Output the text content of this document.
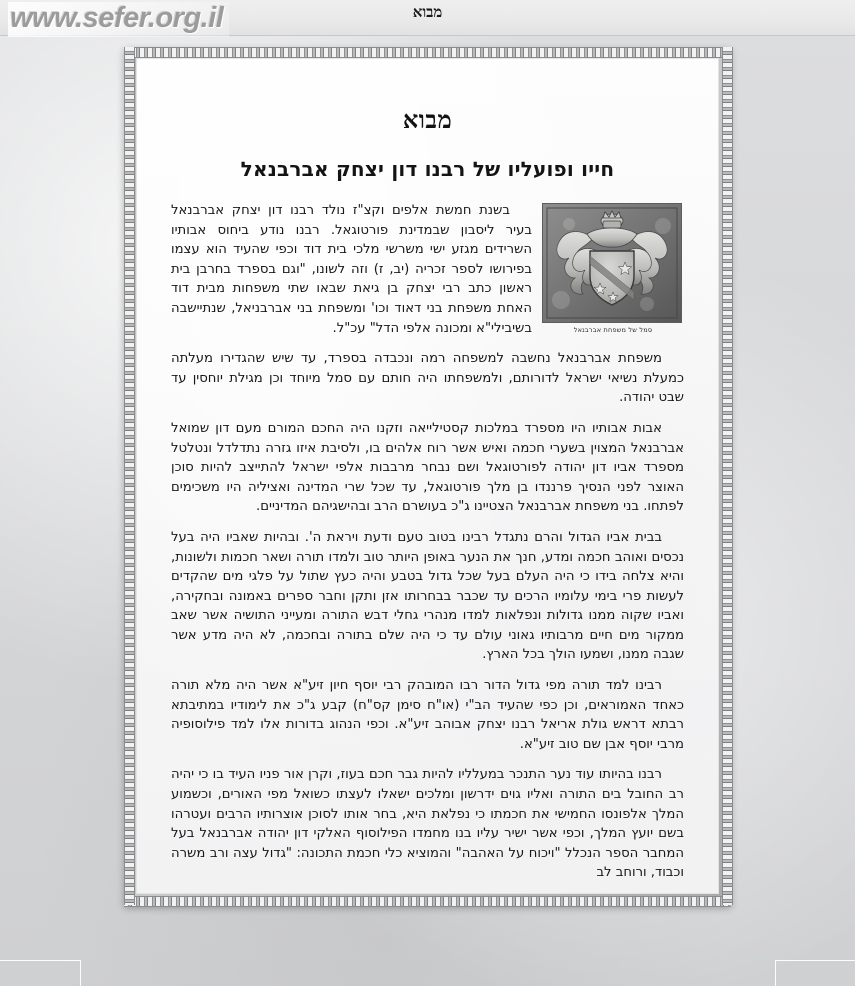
מבוא
www.sefer.org.il
מבוא
חייו ופועליו של רבנו דון יצחק אברבנאל
סמל של משפחת אברבנאל

בשנת חמשת אלפים וקצ"ז נולד רבנו דון יצחק אברבנאל בעיר ליסבון שבמדינת פורטוגאל. רבנו נודע ביחוס אבותיו השרידים מגזע ישי משרשי מלכי בית דוד וכפי שהעיד הוא עצמו בפירושו לספר זכריה (יב, ז) וזה לשונו, "וגם בספרד בחרבן בית ראשון כתב רבי יצחק בן גיאת שבאו שתי משפחות מבית דוד האחת משפחת בני דאוד וכו' ומשפחת בני אברבניאל, שנתיישבה בשיבילי"א ומכונה אלפי הדל" עכ"ל.

משפחת אברבנאל נחשבה למשפחה רמה ונכבדה בספרד, עד שיש שהגדירו מעלתה כמעלת נשיאי ישראל לדורותם, ולמשפחתו היה חותם עם סמל מיוחד וכן מגילת יוחסין עד שבט יהודה.

אבות אבותיו היו מספרד במלכות קסטילייאה וזקנו היה החכם המורם מעם דון שמואל אברבנאל המצוין בשערי חכמה ואיש אשר רוח אלהים בו, ולסיבת איזו גזרה נתדלדל ונטלטל מספרד אביו דון יהודה לפורטוגאל ושם נבחר מרבבות אלפי ישראל להתייצב להיות סוכן האוצר לפני הנסיך פרננדו בן מלך פורטוגאל, עד שכל שרי המדינה ואציליה היו משכימים לפתחו. בני משפחת אברבנאל הצטיינו ג"כ בעושרם הרב ובהישגיהם המדיניים.

בבית אביו הגדול והרם נתגדל רבינו בטוב טעם ודעת ויראת ה'. ובהיות שאביו היה בעל נכסים ואוהב חכמה ומדע, חנך את הנער באופן היותר טוב ולמדו תורה ושאר חכמות ולשונות, והיא צלחה בידו כי היה העלם בעל שכל גדול בטבע והיה כעץ שתול על פלגי מים שהקדים לעשות פרי בימי עלומיו הרכים עד שכבר בבחרותו אזן ותקן וחבר ספרים באמונה ובחקירה, ואביו שקוה ממנו גדולות ונפלאות למדו מנהרי גחלי דבש התורה ומעייני התושיה אשר שאב ממקור מים חיים מרבותיו גאוני עולם עד כי היה שלם בתורה ובחכמה, לא היה מדע אשר שגבה ממנו, ושמעו הולך בכל הארץ.

רבינו למד תורה מפי גדול הדור רבו המובהק רבי יוסף חיון זיע"א אשר היה מלא תורה כאחד האמוראים, וכן כפי שהעיד הב"י (או"ח סימן קס"ח) קבע ג"כ את לימודיו במתיבתא רבתא דראש גולת אריאל רבנו יצחק אבוהב זיע"א. וכפי הנהוג בדורות אלו למד פילוסופיה מרבי יוסף אבן שם טוב זיע"א.

רבנו בהיותו עוד נער התנכר במעלליו להיות גבר חכם בעוז, וקרן אור פניו העיד בו כי יהיה רב החובל בים התורה ואליו גוים ידרשון ומלכים ישאלו לעצתו כשואל מפי האורים, וכשמוע המלך אלפונסו החמישי את חכמתו כי נפלאת היא, בחר אותו לסוכן אוצרותיו הרבים ועטרהו בשם יועץ המלך, וכפי אשר ישיר עליו בנו מחמדו הפילוסוף האלקי דון יהודה אברבנאל בעל המחבר הספר הנכלל "ויכוח על האהבה" והמוציא כלי חכמת התכונה: "גדול עצה ורב משרה וכבוד, ורוחב לב
